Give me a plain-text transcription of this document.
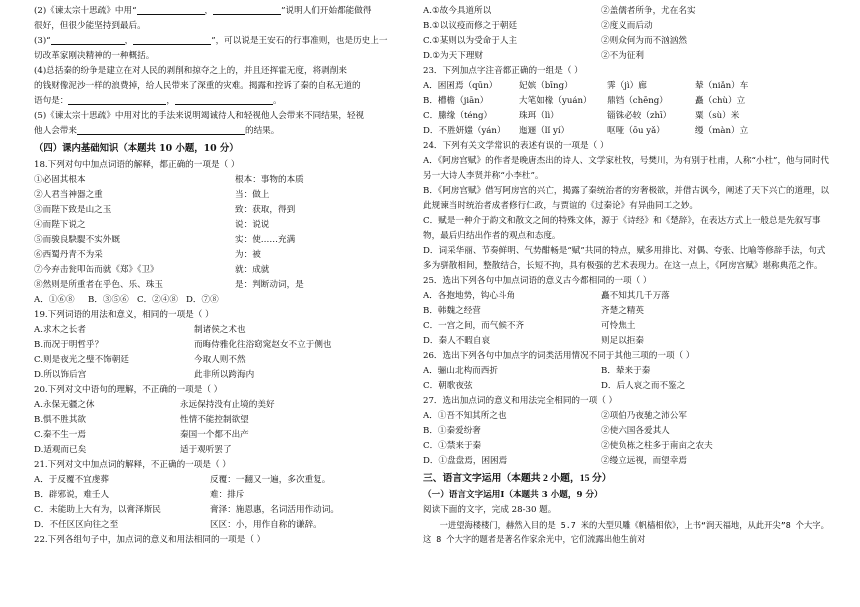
(2)《谏太宗十思疏》中用“	，	”说明人们开始都能做得
很好，但很少能坚持到最后。
(3)“	，	”，可以说是王安石的行事准则，也是历史上一
切改革家刚决精神的一种概括。
(4)总括秦的纷争是建立在对人民的剥削和掠夺之上的，并且还挥霍无度，将剥削来
的钱财像泥沙一样的浪费掉，给人民带来了深重的灾难。揭露和控诉了秦的自私无道的
语句是：	，	。
(5)《谏太宗十思疏》中用对比的手法来说明竭诚待人和轻视他人会带来不同结果，轻视
他人会带来	的结果。
（四）课内基础知识（本题共 10 小题，10 分）
18.下列对句中加点词语的解释，都正确的一项是（ ）
①必固其根本	根本：事物的本质
②人君当神器之重	当：做上
③而陛下致是山之玉	致：获取，得到
④而陛下说之	说：说说
⑤而骏良駃騠不实外厩	实：使……充满
⑥西蜀丹青不为采	为：被
⑦今弃击瓮叩缶而就《郑》《卫》	就：成就
⑧然则是所重者在乎色、乐、珠玉	是：判断动词，是
A．①⑥⑧ B．③⑤⑥ C．②④⑧ D．⑦⑧
19.下列词语的用法和意义，相同的一项是（ ）
A.求木之长者	制诸侯之术也
B.而况于明哲乎？	而晦侍雅化往浴窈窕赵女不立于侧也
C.则是夜光之璧不饰朝廷	今取人则不然
D.所以饰后宫	此非所以跨海内
20.下列对文中语句的理解，不正确的一项是（ ）
A.永保无疆之休	永远保持没有止境的美好
B.惧不胜其欲	性情不能控制欲望
C.秦不生一焉	秦国一个都不出产
D.适观而已矣	适于观听罢了
21.下列对文中加点词的解释，不正确的一项是（ ）
A．于反覆不宜虔葬	反覆：一翻又一遍，多次重复。
B．辟邪说，难壬人	难：排斥
C．未能助上大有为，以膏泽斯民	膏泽：施恩惠，名词活用作动词。
D．不任区区向往之至	区区：小，用作自称的谦辞。
22.下列各组句子中，加点词的意义和用法相同的一项是（ ）
A.①故今具道所以	②盖儒者所争，尤在名实
B.①以议疫而修之于朝廷	②度义而后动
C.①某则以为受命于人主	②则众何为而不汹汹然
D.①为天下理财	②不为征利
23．下列加点字注音都正确的一组是（ ）
A．困囷焉（qūn）	妃嫔（bīng）	霁（jì）廊	辇（niǎn）车
B．槽檐（jiān）	大笔如椽（yuán） 鼎铛（chēng）	矗（chù）立
C．縢缘（téng）	珠珥（lì）	锱铢必较（zhī）	粟（sù）米
D．不胜妍媸（yán） 迤逦（lǐ yí）	呕哑（ōu yǎ）	缦（màn）立
24．下列有关文学常识的表述有误的一项是（ ）
A．《阿房宫赋》的作者是晚唐杰出的诗人、文学家杜牧，号樊川，为有别于杜甫，人称“小杜”，他与同时代另一大诗人李贤并称“小李杜”。
B．《阿房宫赋》借写阿房宫的兴亡，揭露了秦统治者的穷奢极欲，并借古讽今，阐述了天下兴亡的道理，以此规谏当时统治者成者修行仁政，与贾谊的《过秦论》有异曲同工之妙。
C．赋是一种介于韵文和散文之间的特殊文体，源于《诗经》和《楚辞》，在表达方式上一般总是先叙写事物，最后归结出作者的观点和态度。
D．词采华丽、节奏鲜明、气势酣畅是“赋”共同的特点，赋多用排比、对偶、夸张、比喻等修辞手法，句式多为骈散相间，整散结合，长短不拘，具有极强的艺术表现力。在这一点上，《阿房宫赋》堪称典范之作。
25．选出下列各句中加点词语的意义古今都相同的一项（ ）
A．各抱地势，钩心斗角	矗不知其几千万落
B．韩魏之经营	齐楚之精英
C．一宫之间，而气候不齐	可怜焦土
D．秦人不暇自哀	则足以拒秦
26．选出下列各句中加点字的词类活用情况不同于其他三项的一项（ ）
A．骊山北构而西折	B．辇来于秦
C．朝歌夜弦	D．后人哀之而不鉴之
27．选出加点词的意义和用法完全相同的一项（ ）
A．①吾不知其所之也	②项伯乃夜驰之沛公军
B．①秦爱纷奢	②使六国各爱其人
C．①禁来于秦	②使负栋之柱多于南亩之农夫
D．①盘盘焉，困困焉	②缦立远视，而望幸焉
三、语言文字运用（本题共 2 小题，15 分）
（一）语言文字运用Ⅰ（本题共 3 小题，9 分）
阅读下面的文字，完成 28-30 题。
一进望海楼楼门，赫然入目的是 5.7 米的大型贝雕《帆樯相依》，上书“润天福地，从此开尖”8 个大字。这 8 个大字的题者是著名作家余光中，它们流露出他生前对
